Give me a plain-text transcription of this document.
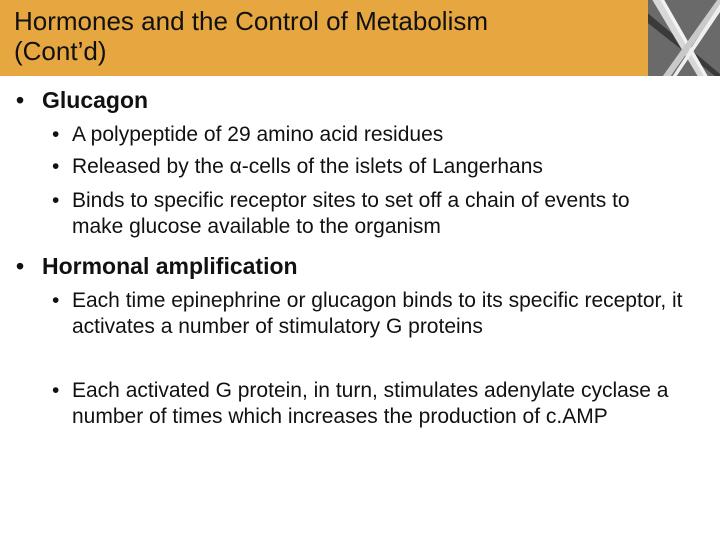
Hormones and the Control of Metabolism
(Cont’d)
• Glucagon
• A polypeptide of 29 amino acid residues
• Released by the α-cells of the islets of Langerhans
• Binds to specific receptor sites to set off a chain of events to make glucose available to the organism
• Hormonal amplification
• Each time epinephrine or glucagon binds to its specific receptor, it activates a number of stimulatory G proteins
• Each activated G protein, in turn, stimulates adenylate cyclase a number of times which increases the production of c.AMP
